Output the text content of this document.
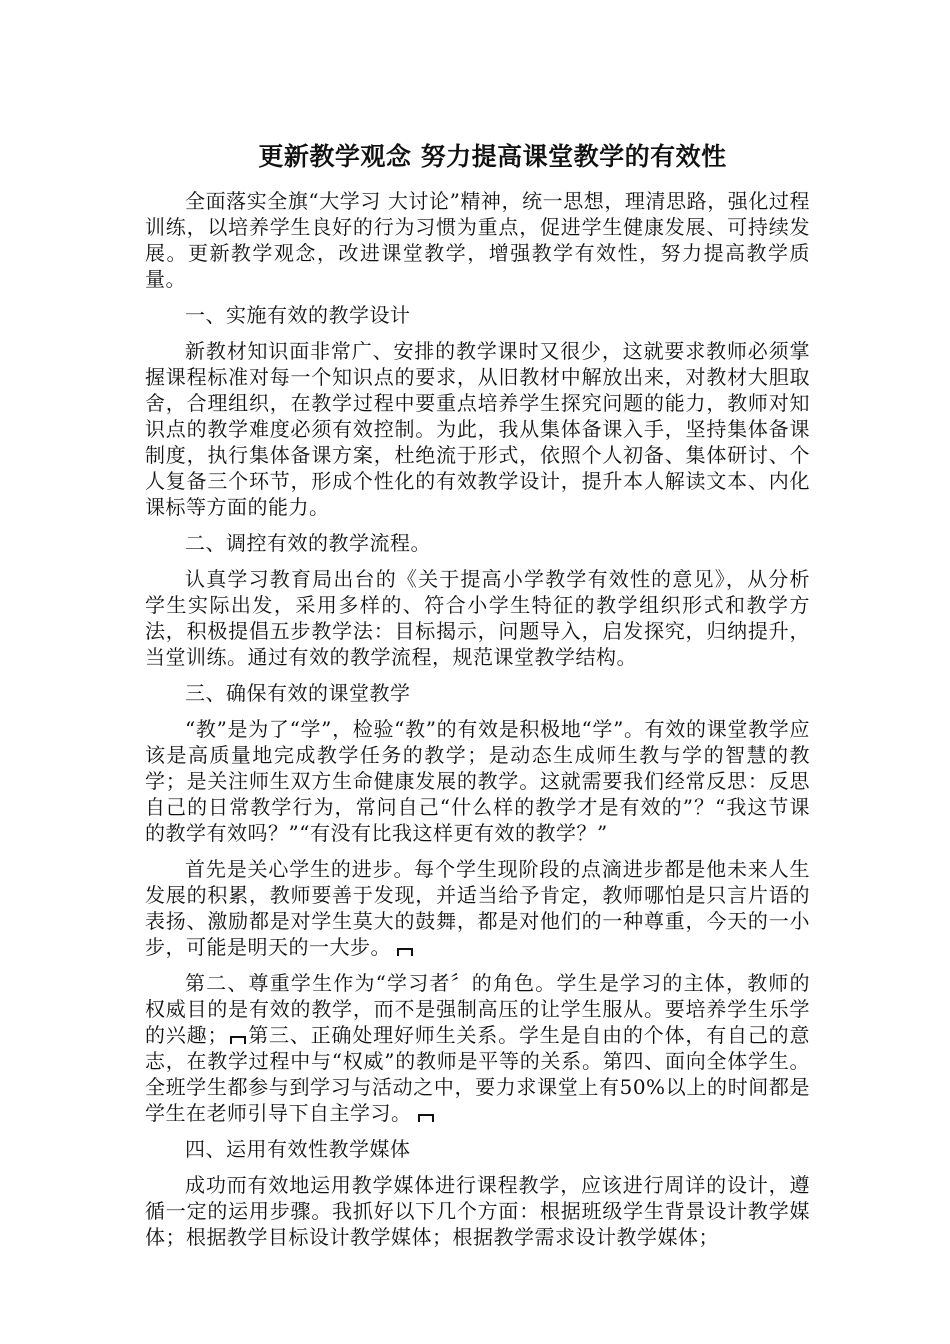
更新教学观念 努力提高课堂教学的有效性

全面落实全旗“大学习 大讨论”精神，统一思想，理清思路，强化过程训练，以培养学生良好的行为习惯为重点，促进学生健康发展、可持续发展。更新教学观念，改进课堂教学，增强教学有效性，努力提高教学质量。

一、实施有效的教学设计

新教材知识面非常广、安排的教学课时又很少，这就要求教师必须掌握课程标准对每一个知识点的要求，从旧教材中解放出来，对教材大胆取舍，合理组织，在教学过程中要重点培养学生探究问题的能力，教师对知识点的教学难度必须有效控制。为此，我从集体备课入手，坚持集体备课制度，执行集体备课方案，杜绝流于形式，依照个人初备、集体研讨、个人复备三个环节，形成个性化的有效教学设计，提升本人解读文本、内化课标等方面的能力。

二、调控有效的教学流程。

认真学习教育局出台的《关于提高小学教学有效性的意见》，从分析学生实际出发，采用多样的、符合小学生特征的教学组织形式和教学方法，积极提倡五步教学法：目标揭示，问题导入，启发探究，归纳提升，当堂训练。通过有效的教学流程，规范课堂教学结构。

三、确保有效的课堂教学

“教”是为了“学”，检验“教”的有效是积极地“学”。有效的课堂教学应该是高质量地完成教学任务的教学；是动态生成师生教与学的智慧的教学；是关注师生双方生命健康发展的教学。这就需要我们经常反思：反思自己的日常教学行为，常问自己“什么样的教学才是有效的”？“我这节课的教学有效吗？”“有没有比我这样更有效的教学？”

首先是关心学生的进步。每个学生现阶段的点滴进步都是他未来人生发展的积累，教师要善于发现，并适当给予肯定，教师哪怕是只言片语的表扬、激励都是对学生莫大的鼓舞，都是对他们的一种尊重，今天的一小步，可能是明天的一大步。

第二、尊重学生作为“学习者〞的角色。学生是学习的主体，教师的权威目的是有效的教学，而不是强制高压的让学生服从。要培养学生乐学的兴趣； 第三、正确处理好师生关系。学生是自由的个体，有自己的意志，在教学过程中与“权威”的教师是平等的关系。第四、面向全体学生。全班学生都参与到学习与活动之中，要力求课堂上有50%以上的时间都是学生在老师引导下自主学习。

四、运用有效性教学媒体

成功而有效地运用教学媒体进行课程教学，应该进行周详的设计，遵循一定的运用步骤。我抓好以下几个方面：根据班级学生背景设计教学媒体；根据教学目标设计教学媒体；根据教学需求设计教学媒体；
